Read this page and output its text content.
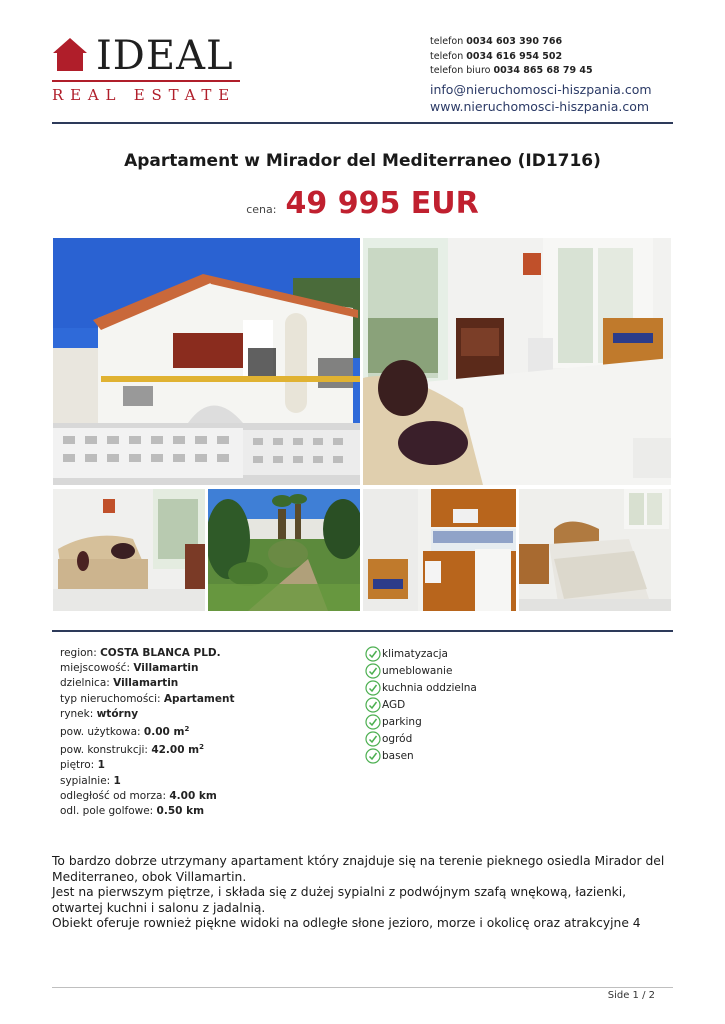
IDEAL
REAL ESTATE
telefon 0034 603 390 766
telefon 0034 616 954 502
telefon biuro 0034 865 68 79 45
info@nieruchomosci-hiszpania.com
www.nieruchomosci-hiszpania.com
Apartament w Mirador del Mediterraneo (ID1716)
cena: 49 995 EUR
region: COSTA BLANCA PLD.
miejscowość: Villamartin
dzielnica: Villamartin
typ nieruchomości: Apartament
rynek: wtórny
pow. użytkowa: 0.00 $m^2$
pow. konstrukcji: 42.00 $m^2$
piętro: 1
sypialnie: 1
odległość od morza: 4.00 km
odl. pole golfowe: 0.50 km
klimatyzacja
umeblowanie
kuchnia oddzielna
AGD
parking
ogród
basen

To bardzo dobrze utrzymany apartament który znajduje się na terenie pieknego osiedla Mirador del Mediterraneo, obok Villamartin.

Jest na pierwszym piętrze, i składa się z dużej sypialni z podwójnym szafą wnękową, łazienki, otwartej kuchni i salonu z jadalnią.

Obiekt oferuje rownież piękne widoki na odległe słone jezioro, morze i okolicę oraz atrakcyjne 4

Side 1 / 2
